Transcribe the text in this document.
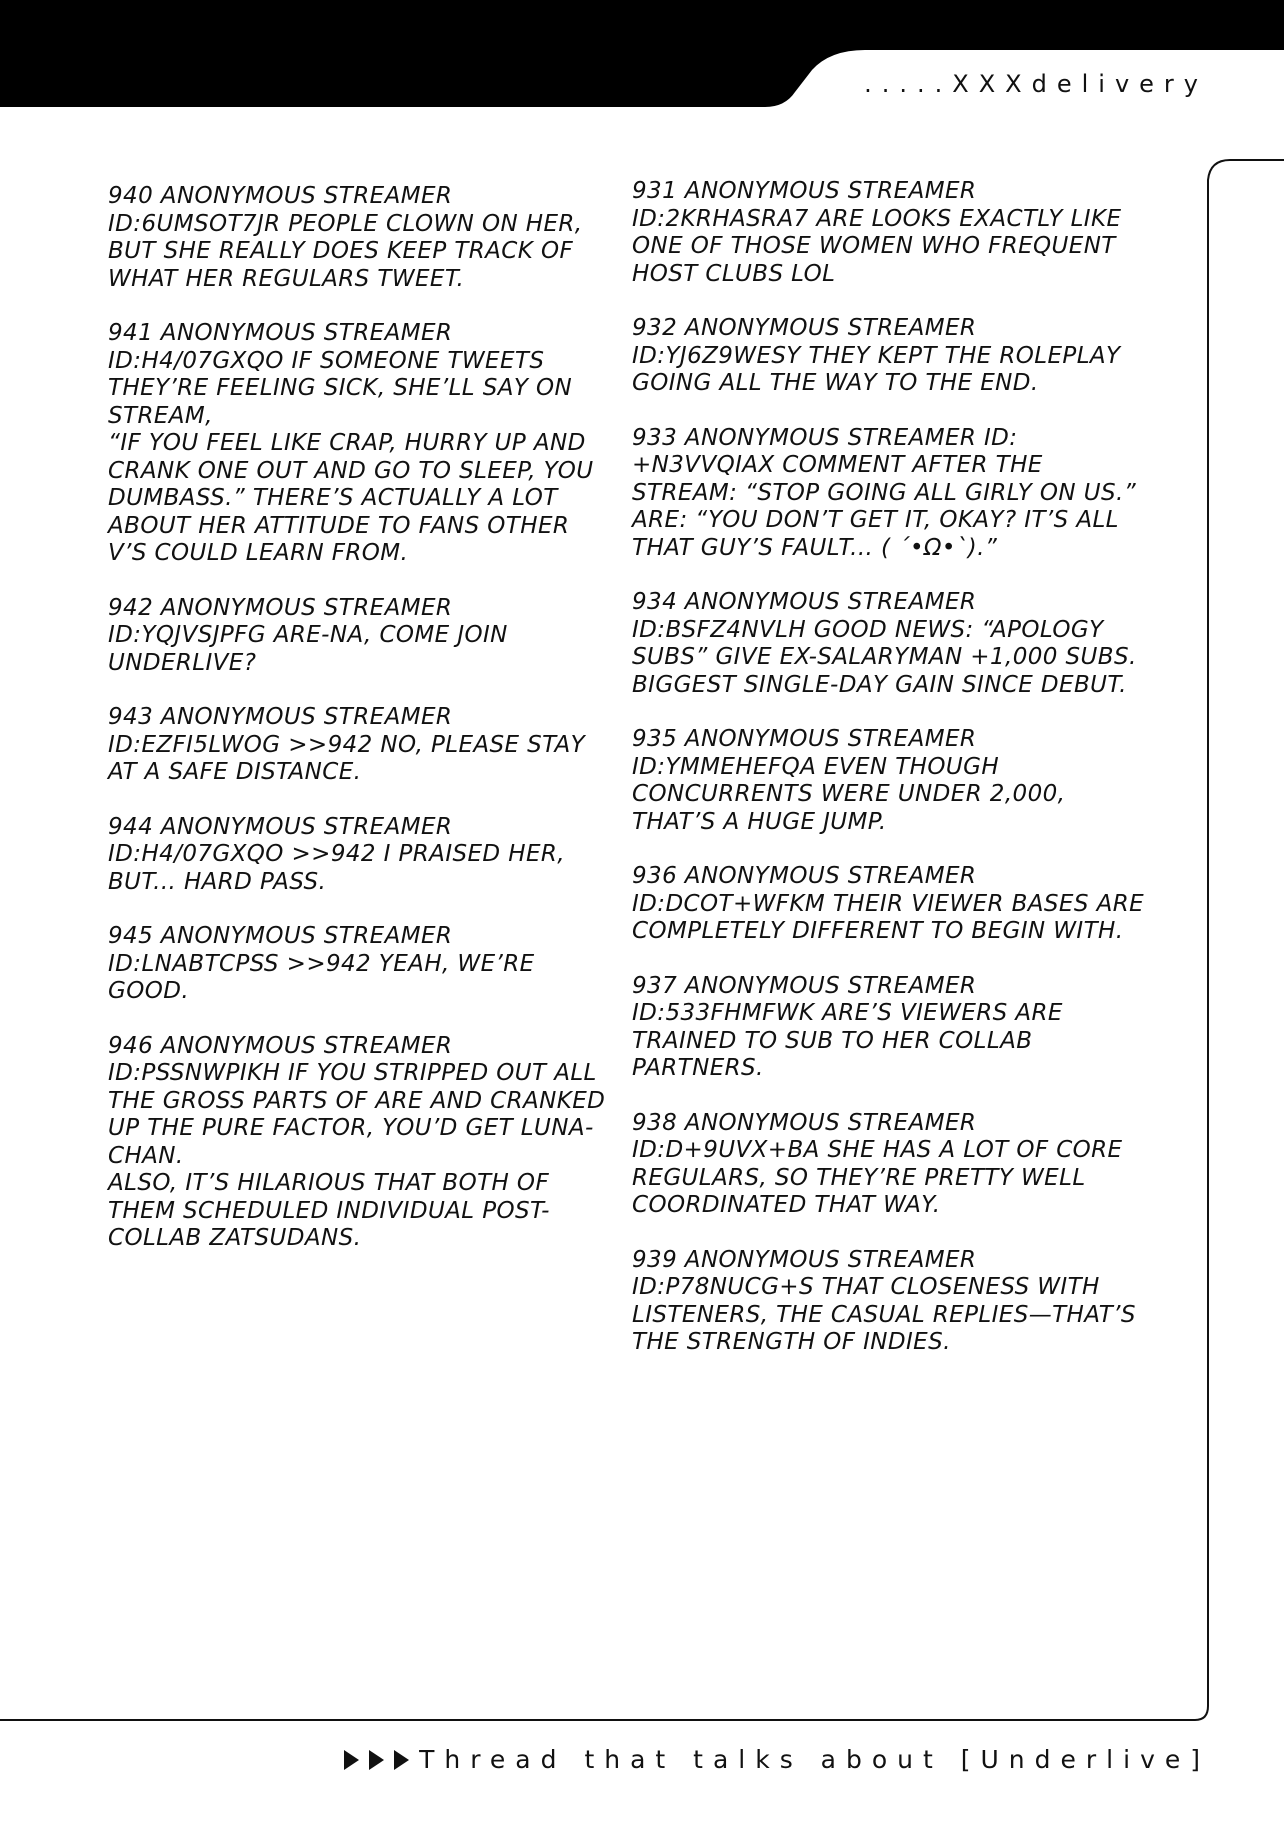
.....XXXdelivery
940 ANONYMOUS STREAMER
ID:6UMSOT7JR PEOPLE CLOWN ON HER, BUT SHE REALLY DOES KEEP TRACK OF WHAT HER REGULARS TWEET.
941 ANONYMOUS STREAMER
ID:H4/07GXQO IF SOMEONE TWEETS THEY’RE FEELING SICK, SHE’LL SAY ON STREAM,
“IF YOU FEEL LIKE CRAP, HURRY UP AND CRANK ONE OUT AND GO TO SLEEP, YOU DUMBASS.” THERE’S ACTUALLY A LOT ABOUT HER ATTITUDE TO FANS OTHER V’S COULD LEARN FROM.
942 ANONYMOUS STREAMER
ID:YQJVSJPFG ARE-NA, COME JOIN UNDERLIVE?
943 ANONYMOUS STREAMER
ID:EZFI5LWOG >>942 NO, PLEASE STAY AT A SAFE DISTANCE.
944 ANONYMOUS STREAMER
ID:H4/07GXQO >>942 I PRAISED HER, BUT... HARD PASS.
945 ANONYMOUS STREAMER
ID:LNABTCPSS >>942 YEAH, WE’RE GOOD.
946 ANONYMOUS STREAMER
ID:PSSNWPIKH IF YOU STRIPPED OUT ALL THE GROSS PARTS OF ARE AND CRANKED UP THE PURE FACTOR, YOU’D GET LUNA-CHAN.
ALSO, IT’S HILARIOUS THAT BOTH OF THEM SCHEDULED INDIVIDUAL POST-COLLAB ZATSUDANS.
931 ANONYMOUS STREAMER
ID:2KRHASRA7 ARE LOOKS EXACTLY LIKE ONE OF THOSE WOMEN WHO FREQUENT HOST CLUBS LOL
932 ANONYMOUS STREAMER
ID:YJ6Z9WESY THEY KEPT THE ROLEPLAY GOING ALL THE WAY TO THE END.
933 ANONYMOUS STREAMER ID:
+N3VVQIAX COMMENT AFTER THE STREAM: “STOP GOING ALL GIRLY ON US.”
ARE: “YOU DON’T GET IT, OKAY? IT’S ALL THAT GUY’S FAULT... ( ´•Ω•`).”
934 ANONYMOUS STREAMER
ID:BSFZ4NVLH GOOD NEWS: “APOLOGY SUBS” GIVE EX-SALARYMAN +1,000 SUBS. BIGGEST SINGLE-DAY GAIN SINCE DEBUT.
935 ANONYMOUS STREAMER
ID:YMMEHEFQA EVEN THOUGH CONCURRENTS WERE UNDER 2,000, THAT’S A HUGE JUMP.
936 ANONYMOUS STREAMER
ID:DCOT+WFKM THEIR VIEWER BASES ARE COMPLETELY DIFFERENT TO BEGIN WITH.
937 ANONYMOUS STREAMER
ID:533FHMFWK ARE’S VIEWERS ARE TRAINED TO SUB TO HER COLLAB PARTNERS.
938 ANONYMOUS STREAMER
ID:D+9UVX+BA SHE HAS A LOT OF CORE REGULARS, SO THEY’RE PRETTY WELL COORDINATED THAT WAY.
939 ANONYMOUS STREAMER
ID:P78NUCG+S THAT CLOSENESS WITH LISTENERS, THE CASUAL REPLIES—THAT’S THE STRENGTH OF INDIES.
Thread that talks about [Underlive]
